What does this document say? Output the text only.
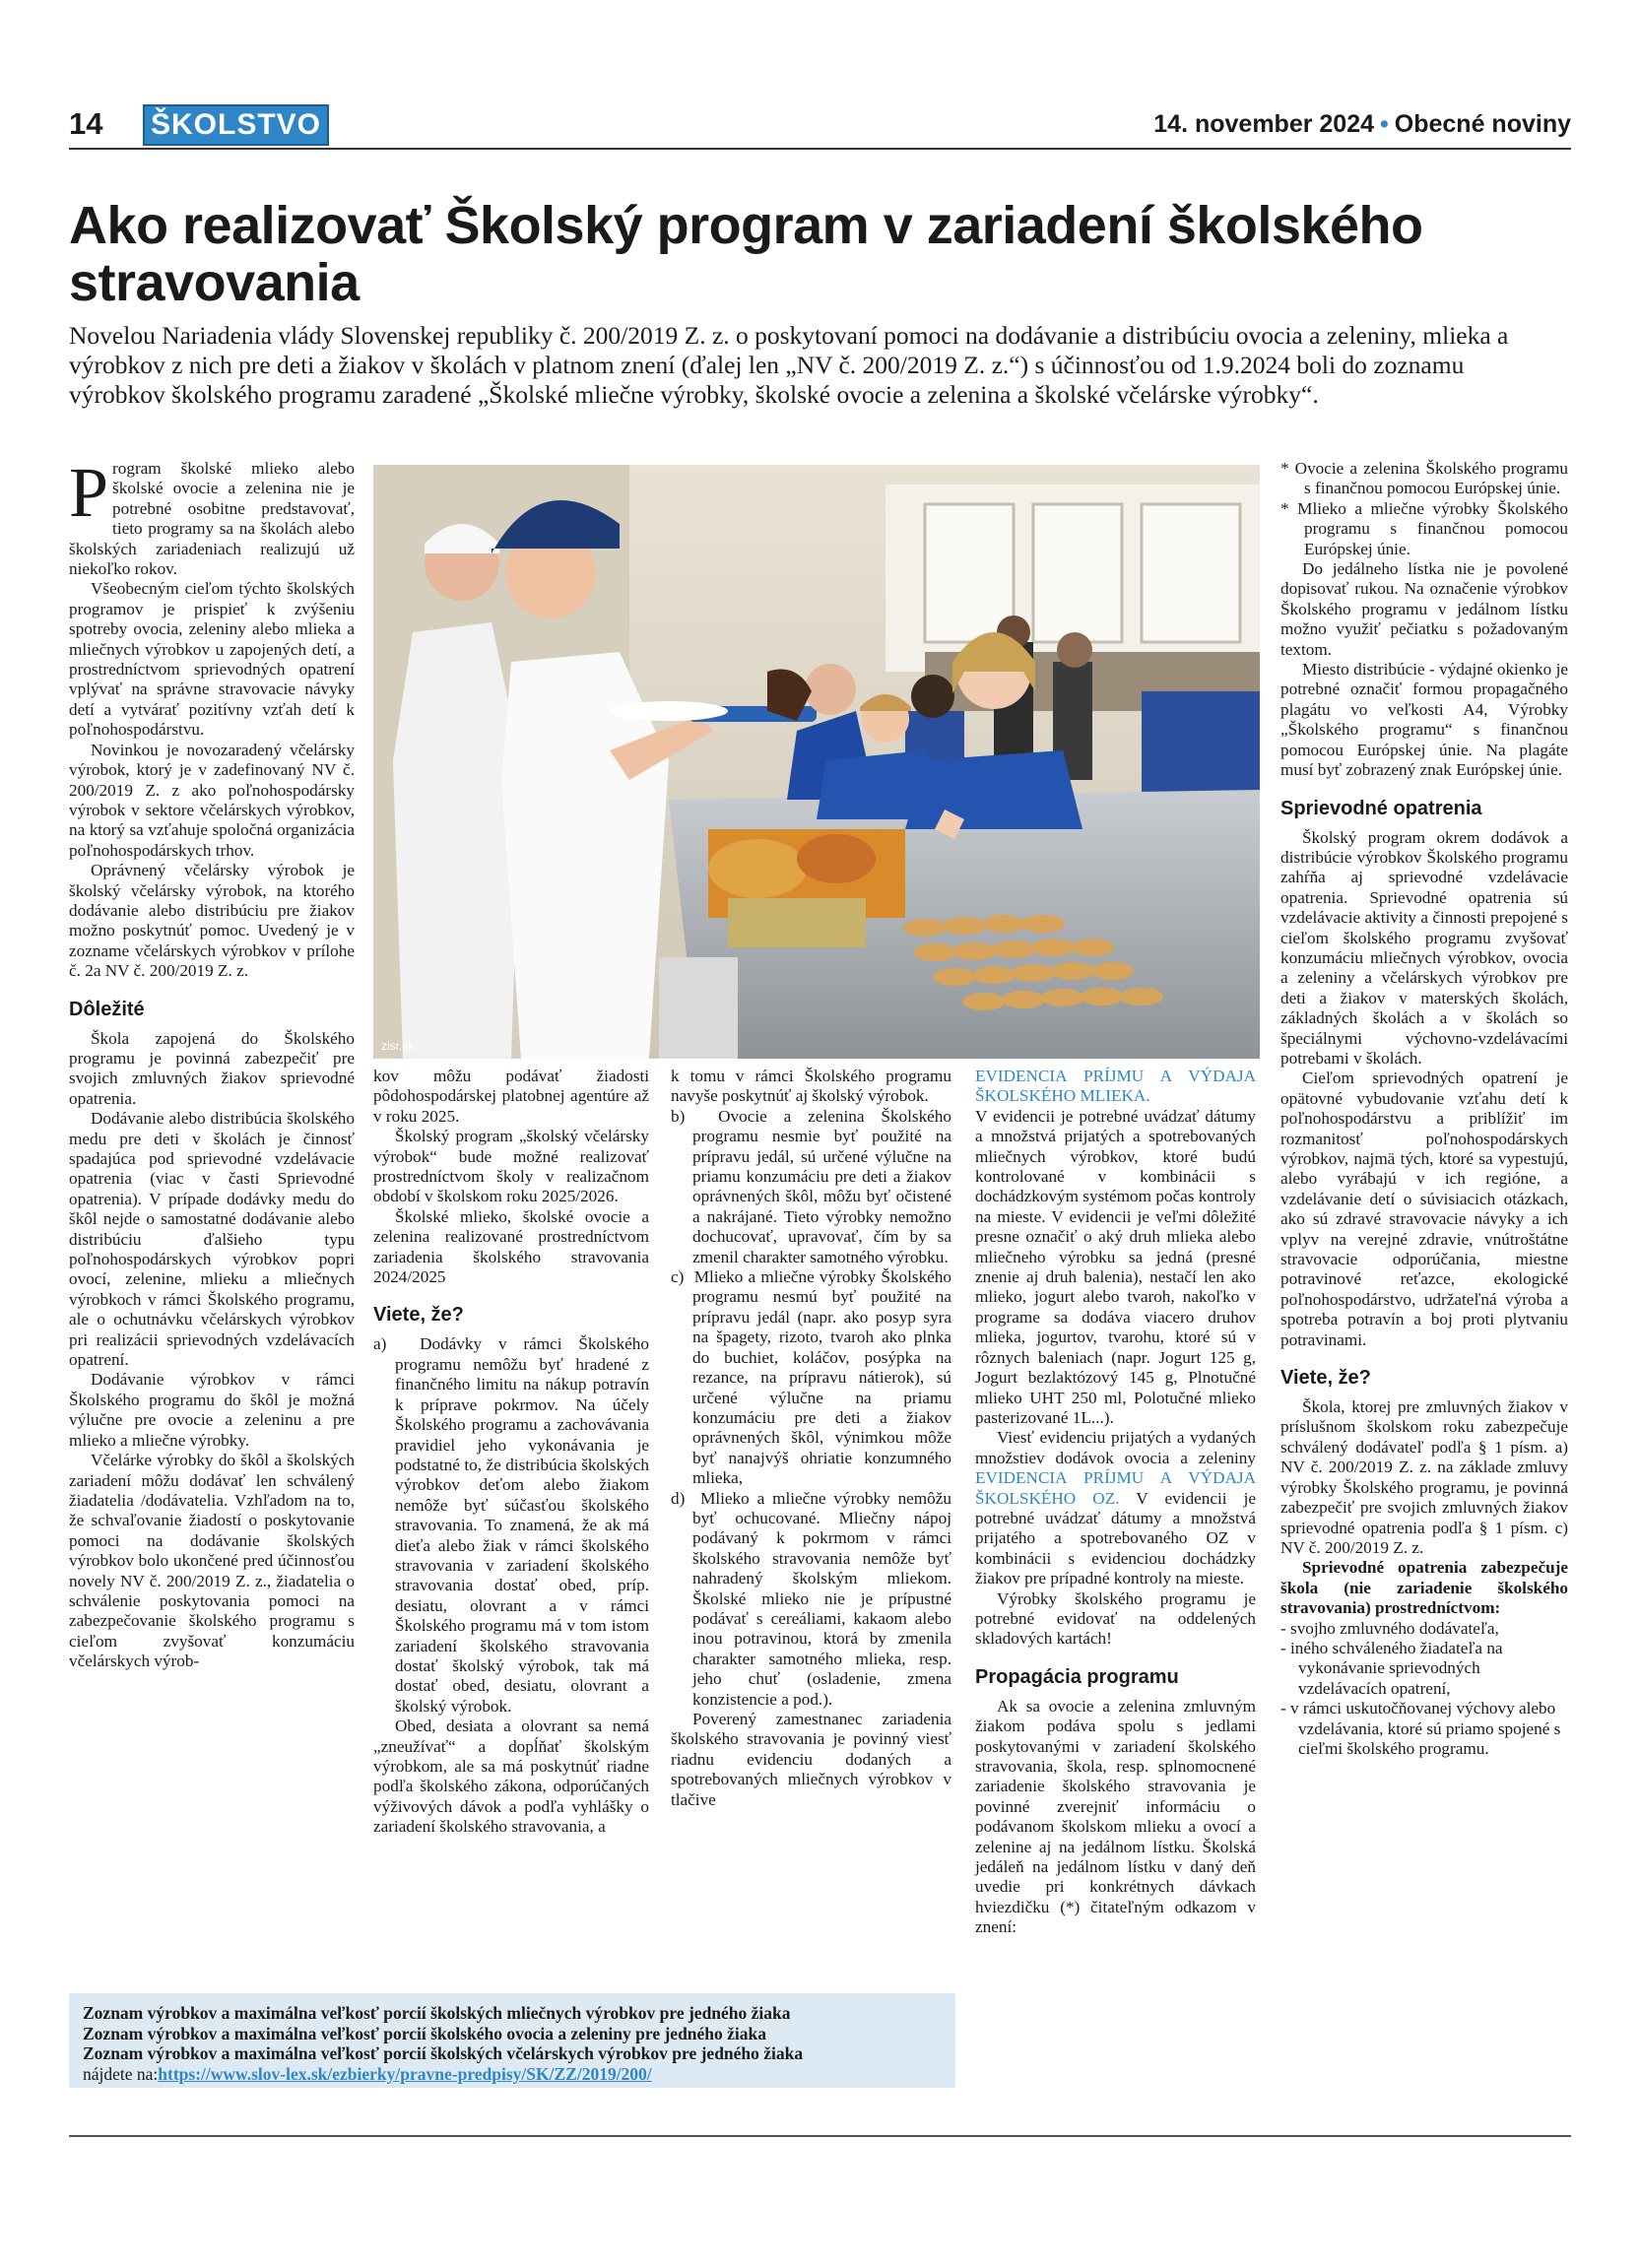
14 ŠKOLSTVO	14. november 2024 • Obecné noviny
Ako realizovať Školský program v zariadení školského stravovania

Novelou Nariadenia vlády Slovenskej republiky č. 200/2019 Z. z. o poskytovaní pomoci na dodávanie a distribúciu ovocia a zeleniny, mlieka a výrobkov z nich pre deti a žiakov v školách v platnom znení (ďalej len „NV č. 200/2019 Z. z.“) s účinnosťou od 1.9.2024 boli do zoznamu výrobkov školského programu zaradené „Školské mliečne výrobky, školské ovocie a zelenina a školské včelárske výrobky“.

Program školské mlieko alebo školské ovocie a zelenina nie je potrebné osobitne predstavovať, tieto programy sa na školách alebo školských zariadeniach realizujú už niekoľko rokov.

Všeobecným cieľom týchto školských programov je prispieť k zvýšeniu spotreby ovocia, zeleniny alebo mlieka a mliečnych výrobkov u zapojených detí, a prostredníctvom sprievodných opatrení vplývať na správne stravovacie návyky detí a vytvárať pozitívny vzťah detí k poľnohospodárstvu.

Novinkou je novozaradený včelársky výrobok, ktorý je v zadefinovaný NV č. 200/2019 Z. z ako poľnohospodársky výrobok v sektore včelárskych výrobkov, na ktorý sa vzťahuje spoločná organizácia poľnohospodárskych trhov.

Oprávnený včelársky výrobok je školský včelársky výrobok, na ktorého dodávanie alebo distribúciu pre žiakov možno poskytnúť pomoc. Uvedený je v zozname včelárskych výrobkov v prílohe č. 2a NV č. 200/2019 Z. z.

Dôležité

Škola zapojená do Školského programu je povinná zabezpečiť pre svojich zmluvných žiakov sprievodné opatrenia.

Dodávanie alebo distribúcia školského medu pre deti v školách je činnosť spadajúca pod sprievodné vzdelávacie opatrenia (viac v časti Sprievodné opatrenia). V prípade dodávky medu do škôl nejde o samostatné dodávanie alebo distribúciu ďalšieho typu poľnohospodárskych výrobkov popri ovocí, zelenine, mlieku a mliečnych výrobkoch v rámci Školského programu, ale o ochutnávku včelárskych výrobkov pri realizácii sprievodných vzdelávacích opatrení.

Dodávanie výrobkov v rámci Školského programu do škôl je možná výlučne pre ovocie a zeleninu a pre mlieko a mliečne výrobky.

Včelárke výrobky do škôl a školských zariadení môžu dodávať len schválený žiadatelia /dodávatelia. Vzhľadom na to, že schvaľovanie žiadostí o poskytovanie pomoci na dodávanie školských výrobkov bolo ukončené pred účinnosťou novely NV č. 200/2019 Z. z., žiadatelia o schválenie poskytovania pomoci na zabezpečovanie školského programu s cieľom zvyšovať konzumáciu včelárskych výrob-

zisr.sk

kov môžu podávať žiadosti pôdohospodárskej platobnej agentúre až v roku 2025.

Školský program „školský včelársky výrobok“ bude možné realizovať prostredníctvom školy v realizačnom období v školskom roku 2025/2026.

Školské mlieko, školské ovocie a zelenina realizované prostredníctvom zariadenia školského stravovania 2024/2025

Viete, že?

a) Dodávky v rámci Školského programu nemôžu byť hradené z finančného limitu na nákup potravín k príprave pokrmov. Na účely Školského programu a zachovávania pravidiel jeho vykonávania je podstatné to, že distribúcia školských výrobkov deťom alebo žiakom nemôže byť súčasťou školského stravovania. To znamená, že ak má dieťa alebo žiak v rámci školského stravovania v zariadení školského stravovania dostať obed, príp. desiatu, olovrant a v rámci Školského programu má v tom istom zariadení školského stravovania dostať školský výrobok, tak má dostať obed, desiatu, olovrant a školský výrobok.

Obed, desiata a olovrant sa nemá „zneužívať“ a dopĺňať školským výrobkom, ale sa má poskytnúť riadne podľa školského zákona, odporúčaných výživových dávok a podľa vyhlášky o zariadení školského stravovania, a

k tomu v rámci Školského programu navyše poskytnúť aj školský výrobok.

b) Ovocie a zelenina Školského programu nesmie byť použité na prípravu jedál, sú určené výlučne na priamu konzumáciu pre deti a žiakov oprávnených škôl, môžu byť očistené a nakrájané. Tieto výrobky nemožno dochucovať, upravovať, čím by sa zmenil charakter samotného výrobku.

c) Mlieko a mliečne výrobky Školského programu nesmú byť použité na prípravu jedál (napr. ako posyp syra na špagety, rizoto, tvaroh ako plnka do buchiet, koláčov, posýpka na rezance, na prípravu nátierok), sú určené výlučne na priamu konzumáciu pre deti a žiakov oprávnených škôl, výnimkou môže byť nanajvýš ohriatie konzumného mlieka,

d) Mlieko a mliečne výrobky nemôžu byť ochucované. Mliečny nápoj podávaný k pokrmom v rámci školského stravovania nemôže byť nahradený školským mliekom. Školské mlieko nie je prípustné podávať s cereáliami, kakaom alebo inou potravinou, ktorá by zmenila charakter samotného mlieka, resp. jeho chuť (osladenie, zmena konzistencie a pod.).

Poverený zamestnanec zariadenia školského stravovania je povinný viesť riadnu evidenciu dodaných a spotrebovaných mliečnych výrobkov v tlačive

EVIDENCIA PRÍJMU A VÝDAJA ŠKOLSKÉHO MLIEKA.

V evidencii je potrebné uvádzať dátumy a množstvá prijatých a spotrebovaných mliečnych výrobkov, ktoré budú kontrolované v kombinácii s dochádzkovým systémom počas kontroly na mieste. V evidencii je veľmi dôležité presne označiť o aký druh mlieka alebo mliečneho výrobku sa jedná (presné znenie aj druh balenia), nestačí len ako mlieko, jogurt alebo tvaroh, nakoľko v programe sa dodáva viacero druhov mlieka, jogurtov, tvarohu, ktoré sú v rôznych baleniach (napr. Jogurt 125 g, Jogurt bezlaktózový 145 g, Plnotučné mlieko UHT 250 ml, Polotučné mlieko pasterizované 1L...).

Viesť evidenciu prijatých a vydaných množstiev dodávok ovocia a zeleniny EVIDENCIA PRÍJMU A VÝDAJA ŠKOLSKÉHO OZ. V evidencii je potrebné uvádzať dátumy a množstvá prijatého a spotrebovaného OZ v kombinácii s evidenciou dochádzky žiakov pre prípadné kontroly na mieste.

Výrobky školského programu je potrebné evidovať na oddelených skladových kartách!

Propagácia programu

Ak sa ovocie a zelenina zmluvným žiakom podáva spolu s jedlami poskytovanými v zariadení školského stravovania, škola, resp. splnomocnené zariadenie školského stravovania je povinné zverejniť informáciu o podávanom školskom mlieku a ovocí a zelenine aj na jedálnom lístku. Školská jedáleň na jedálnom lístku v daný deň uvedie pri konkrétnych dávkach hviezdičku (*) čitateľným odkazom v znení:

* Ovocie a zelenina Školského programu s finančnou pomocou Európskej únie.

* Mlieko a mliečne výrobky Školského programu s finančnou pomocou Európskej únie.

Do jedálneho lístka nie je povolené dopisovať rukou. Na označenie výrobkov Školského programu v jedálnom lístku možno využiť pečiatku s požadovaným textom.

Miesto distribúcie - výdajné okienko je potrebné označiť formou propagačného plagátu vo veľkosti A4, Výrobky „Školského programu“ s finančnou pomocou Európskej únie. Na plagáte musí byť zobrazený znak Európskej únie.

Sprievodné opatrenia

Školský program okrem dodávok a distribúcie výrobkov Školského programu zahŕňa aj sprievodné vzdelávacie opatrenia. Sprievodné opatrenia sú vzdelávacie aktivity a činnosti prepojené s cieľom školského programu zvyšovať konzumáciu mliečnych výrobkov, ovocia a zeleniny a včelárskych výrobkov pre deti a žiakov v materských školách, základných školách a v školách so špeciálnymi výchovno-vzdelávacími potrebami v školách.

Cieľom sprievodných opatrení je opätovné vybudovanie vzťahu detí k poľnohospodárstvu a priblížiť im rozmanitosť poľnohospodárskych výrobkov, najmä tých, ktoré sa vypestujú, alebo vyrábajú v ich regióne, a vzdelávanie detí o súvisiacich otázkach, ako sú zdravé stravovacie návyky a ich vplyv na verejné zdravie, vnútroštátne stravovacie odporúčania, miestne potravinové reťazce, ekologické poľnohospodárstvo, udržateľná výroba a spotreba potravín a boj proti plytvaniu potravinami.

Viete, že?

Škola, ktorej pre zmluvných žiakov v príslušnom školskom roku zabezpečuje schválený dodávateľ podľa § 1 písm. a) NV č. 200/2019 Z. z. na základe zmluvy výrobky Školského programu, je povinná zabezpečiť pre svojich zmluvných žiakov sprievodné opatrenia podľa § 1 písm. c) NV č. 200/2019 Z. z.

Sprievodné opatrenia zabezpečuje škola (nie zariadenie školského stravovania) prostredníctvom:

- svojho zmluvného dodávateľa,

- iného schváleného žiadateľa na vykonávanie sprievodných vzdelávacích opatrení,

- v rámci uskutočňovanej výchovy alebo vzdelávania, ktoré sú priamo spojené s cieľmi školského programu.

Zoznam výrobkov a maximálna veľkosť porcií školských mliečnych výrobkov pre jedného žiaka
Zoznam výrobkov a maximálna veľkosť porcií školského ovocia a zeleniny pre jedného žiaka
Zoznam výrobkov a maximálna veľkosť porcií školských včelárskych výrobkov pre jedného žiaka
nájdete na:https://www.slov-lex.sk/ezbierky/pravne-predpisy/SK/ZZ/2019/200/
